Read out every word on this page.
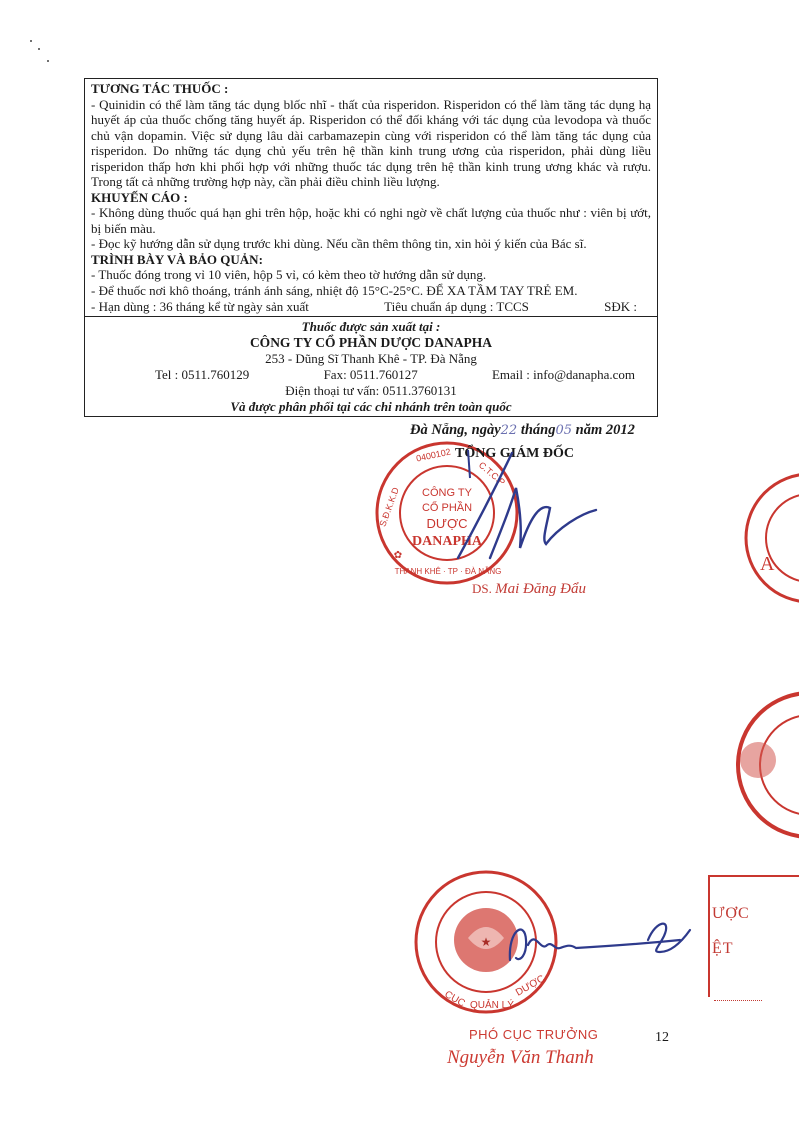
TƯƠNG TÁC THUỐC :

- Quinidin có thể làm tăng tác dụng blốc nhĩ - thất của risperidon. Risperidon có thể làm tăng tác dụng hạ huyết áp của thuốc chống tăng huyết áp. Risperidon có thể đối kháng với tác dụng của levodopa và thuốc chủ vận dopamin. Việc sử dụng lâu dài carbamazepin cùng với risperidon có thể làm tăng tác dụng của risperidon. Do những tác dụng chủ yếu trên hệ thần kinh trung ương của risperidon, phải dùng liều risperidon thấp hơn khi phối hợp với những thuốc tác dụng trên hệ thần kinh trung ương khác và rượu. Trong tất cả những trường hợp này, cần phải điều chỉnh liều lượng.

KHUYẾN CÁO :

- Không dùng thuốc quá hạn ghi trên hộp, hoặc khi có nghi ngờ về chất lượng của thuốc như : viên bị ướt, bị biến màu.

- Đọc kỹ hướng dẫn sử dụng trước khi dùng. Nếu cần thêm thông tin, xin hỏi ý kiến của Bác sĩ.

TRÌNH BÀY VÀ BẢO QUẢN:

- Thuốc đóng trong vỉ 10 viên, hộp 5 vỉ, có kèm theo tờ hướng dẫn sử dụng.

- Để thuốc nơi khô thoáng, tránh ánh sáng, nhiệt độ 15°C-25°C. ĐỂ XA TẦM TAY TRẺ EM.

- Hạn dùng : 36 tháng kể từ ngày sản xuất	Tiêu chuẩn áp dụng : TCCS	SĐK :
Thuốc được sản xuất tại :
CÔNG TY CỔ PHẦN DƯỢC DANAPHA
253 - Dũng Sĩ Thanh Khê - TP. Đà Nẵng
Tel : 0511.760129	Fax: 0511.760127	Email : info@danapha.com
Điện thoại tư vấn: 0511.3760131
Và được phân phối tại các chi nhánh trên toàn quốc
Đà Nẵng, ngày22 tháng05 năm 2012
CÔNG TY
CỔ PHẦN
DƯỢC
DANAPHA
S.Đ.K.K.D
0400102
C.T.C.P
THANH KHÊ · TP · ĐÀ NẴNG
✿
TỔNG GIÁM ĐỐC
DS. Mai Đăng Đẩu
A
★
CỤC QUẢN LÝ
DƯỢC
ƯỢC
ỆT
PHÓ CỤC TRƯỞNG
Nguyễn Văn Thanh
12
